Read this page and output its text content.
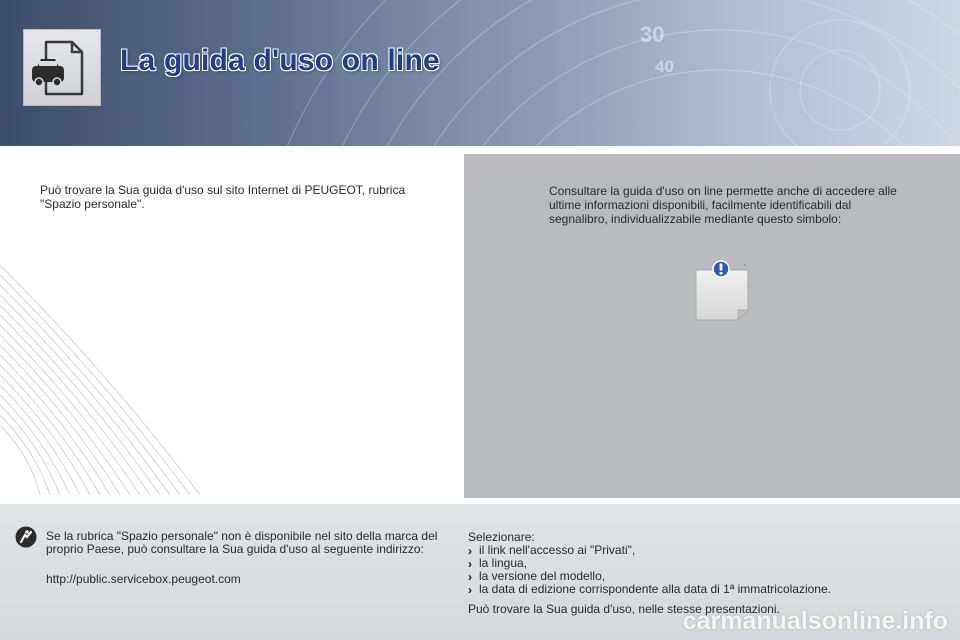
30
40
La guida d'uso on line
Può trovare la Sua guida d'uso sul sito Internet di PEUGEOT, rubrica "Spazio personale".
Consultare la guida d'uso on line permette anche di accedere alle ultime informazioni disponibili, facilmente identificabili dal segnalibro, individualizzabile mediante questo simbolo:
Se la rubrica "Spazio personale" non è disponibile nel sito della marca del proprio Paese, può consultare la Sua guida d'uso al seguente indirizzo:
http://public.servicebox.peugeot.com
Selezionare:
› il link nell'accesso ai "Privati",
› la lingua,
› la versione del modello,
› la data di edizione corrispondente alla data di 1ª immatricolazione.
Può trovare la Sua guida d'uso, nelle stesse presentazioni.
carmanualsonline.info
